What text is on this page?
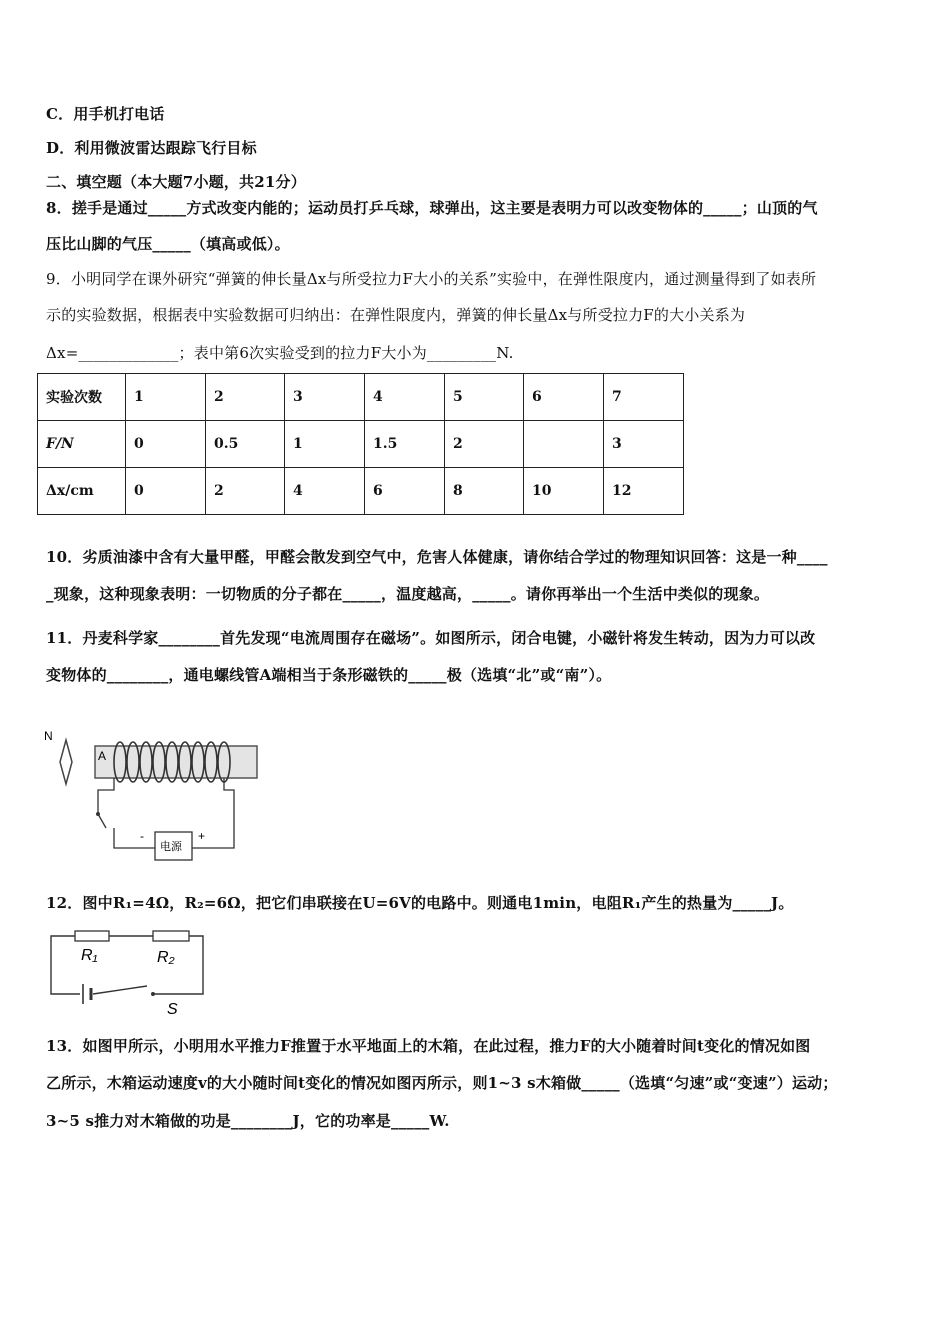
C．用手机打电话
D．利用微波雷达跟踪飞行目标
二、填空题（本大题7小题，共21分）
8．搓手是通过_____方式改变内能的；运动员打乒乓球，球弹出，这主要是表明力可以改变物体的_____；山顶的气
压比山脚的气压_____（填高或低）。
9．小明同学在课外研究“弹簧的伸长量Δx与所受拉力F大小的关系”实验中，在弹性限度内，通过测量得到了如表所
示的实验数据，根据表中实验数据可归纳出：在弹性限度内，弹簧的伸长量Δx与所受拉力F的大小关系为
Δx=_____________；表中第6次实验受到的拉力F大小为_________N.
实验次数	1	2	3	4	5	6	7
F/N	0	0.5	1	1.5	2		3
Δx/cm	0	2	4	6	8	10	12
10．劣质油漆中含有大量甲醛，甲醛会散发到空气中，危害人体健康，请你结合学过的物理知识回答：这是一种____
_现象，这种现象表明：一切物质的分子都在_____，温度越高，_____。请你再举出一个生活中类似的现象。
11．丹麦科学家________首先发现“电流周围存在磁场”。如图所示，闭合电键，小磁针将发生转动，因为力可以改
变物体的________，通电螺线管A端相当于条形磁铁的_____极（选填“北”或“南”）。
N
A
-	+
电源
12．图中R₁=4Ω，R₂=6Ω，把它们串联接在U=6V的电路中。则通电1min，电阻R₁产生的热量为_____J。
R₁	R₂
S
13．如图甲所示，小明用水平推力F推置于水平地面上的木箱，在此过程，推力F的大小随着时间t变化的情况如图
乙所示，木箱运动速度v的大小随时间t变化的情况如图丙所示，则1~3 s木箱做_____（选填“匀速”或“变速”）运动；
3~5 s推力对木箱做的功是________J，它的功率是_____W.
